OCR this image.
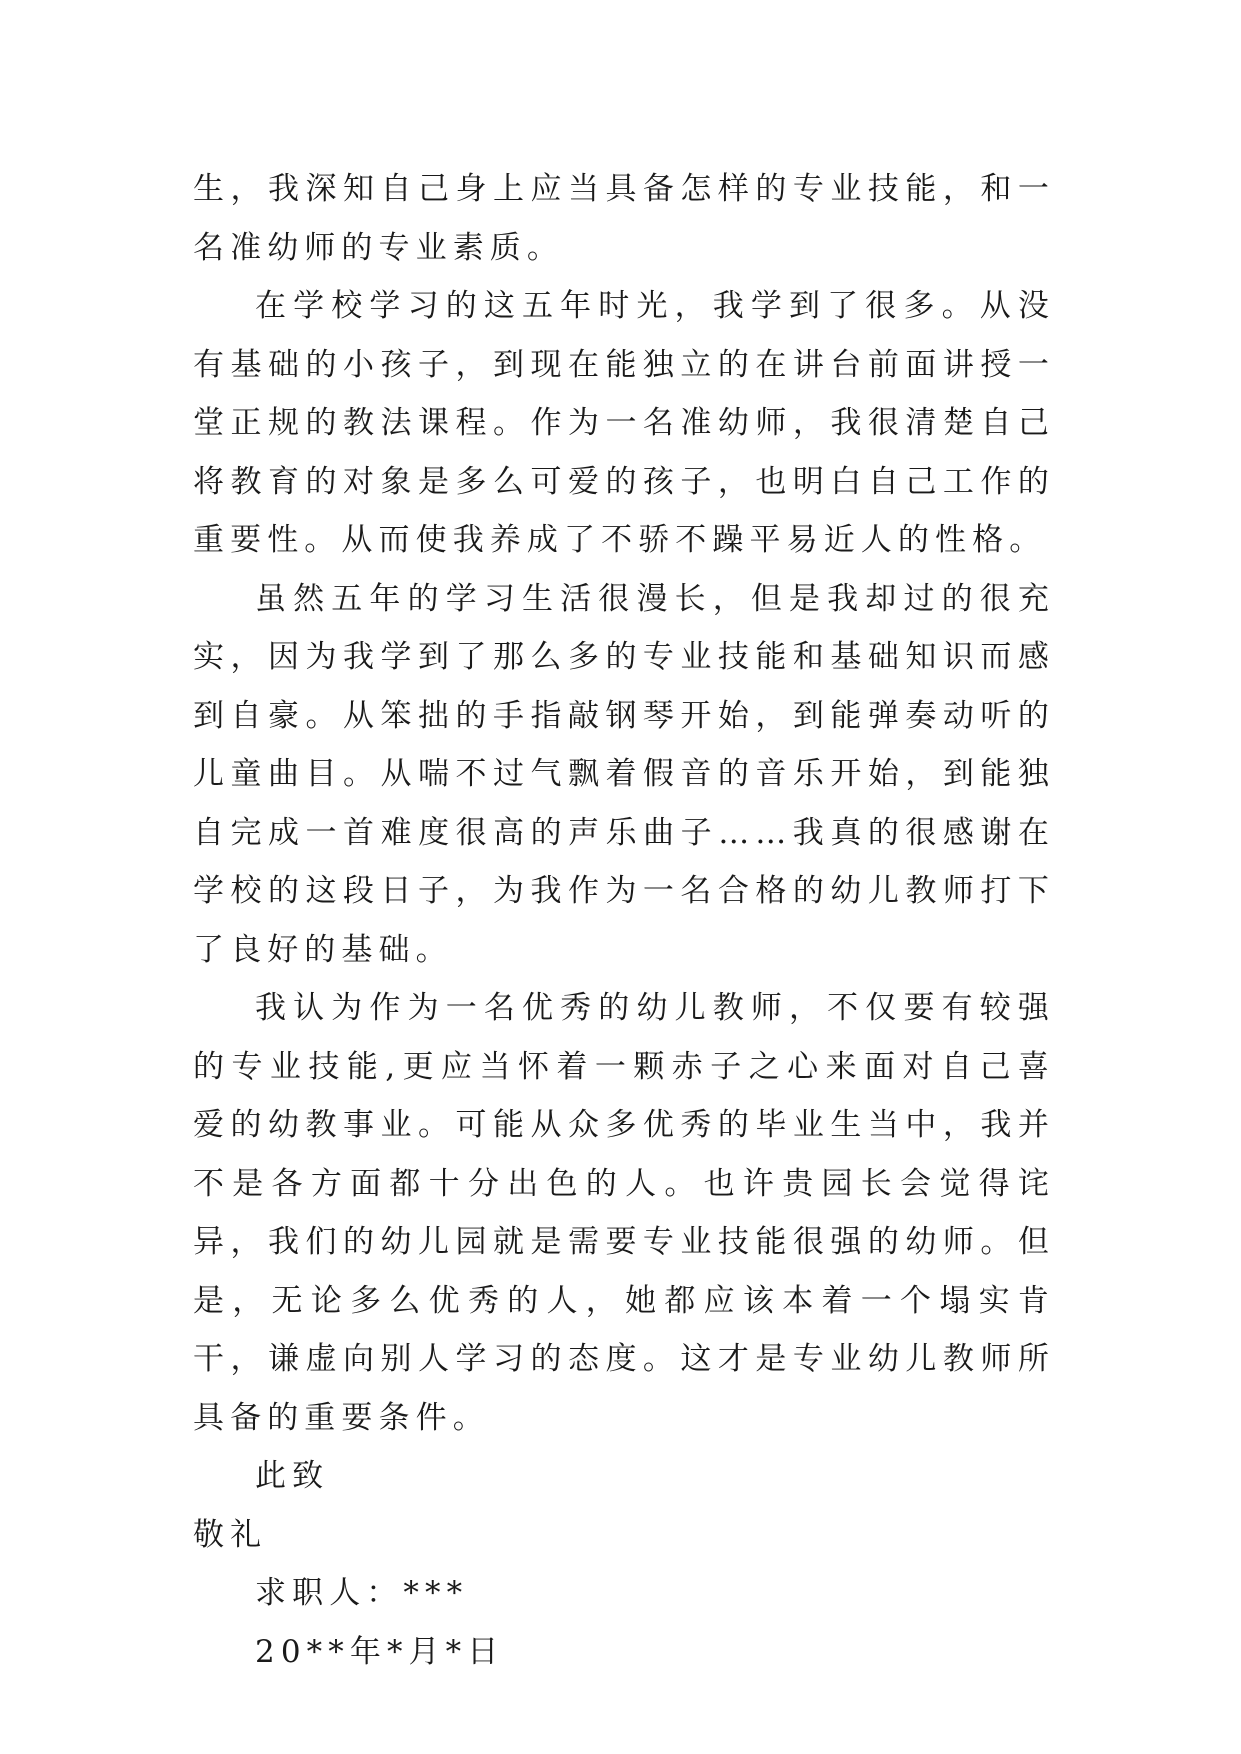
生，我深知自己身上应当具备怎样的专业技能，和一名准幼师的专业素质。

在学校学习的这五年时光，我学到了很多。从没有基础的小孩子，到现在能独立的在讲台前面讲授一堂正规的教法课程。作为一名准幼师，我很清楚自己将教育的对象是多么可爱的孩子，也明白自己工作的重要性。从而使我养成了不骄不躁平易近人的性格。

虽然五年的学习生活很漫长，但是我却过的很充实，因为我学到了那么多的专业技能和基础知识而感到自豪。从笨拙的手指敲钢琴开始，到能弹奏动听的儿童曲目。从喘不过气飘着假音的音乐开始，到能独自完成一首难度很高的声乐曲子……我真的很感谢在学校的这段日子，为我作为一名合格的幼儿教师打下了良好的基础。

我认为作为一名优秀的幼儿教师，不仅要有较强的专业技能,更应当怀着一颗赤子之心来面对自己喜爱的幼教事业。可能从众多优秀的毕业生当中，我并不是各方面都十分出色的人。也许贵园长会觉得诧异，我们的幼儿园就是需要专业技能很强的幼师。但是，无论多么优秀的人，她都应该本着一个塌实肯干，谦虚向别人学习的态度。这才是专业幼儿教师所具备的重要条件。

此致

敬礼

求职人：***

20**年*月*日
